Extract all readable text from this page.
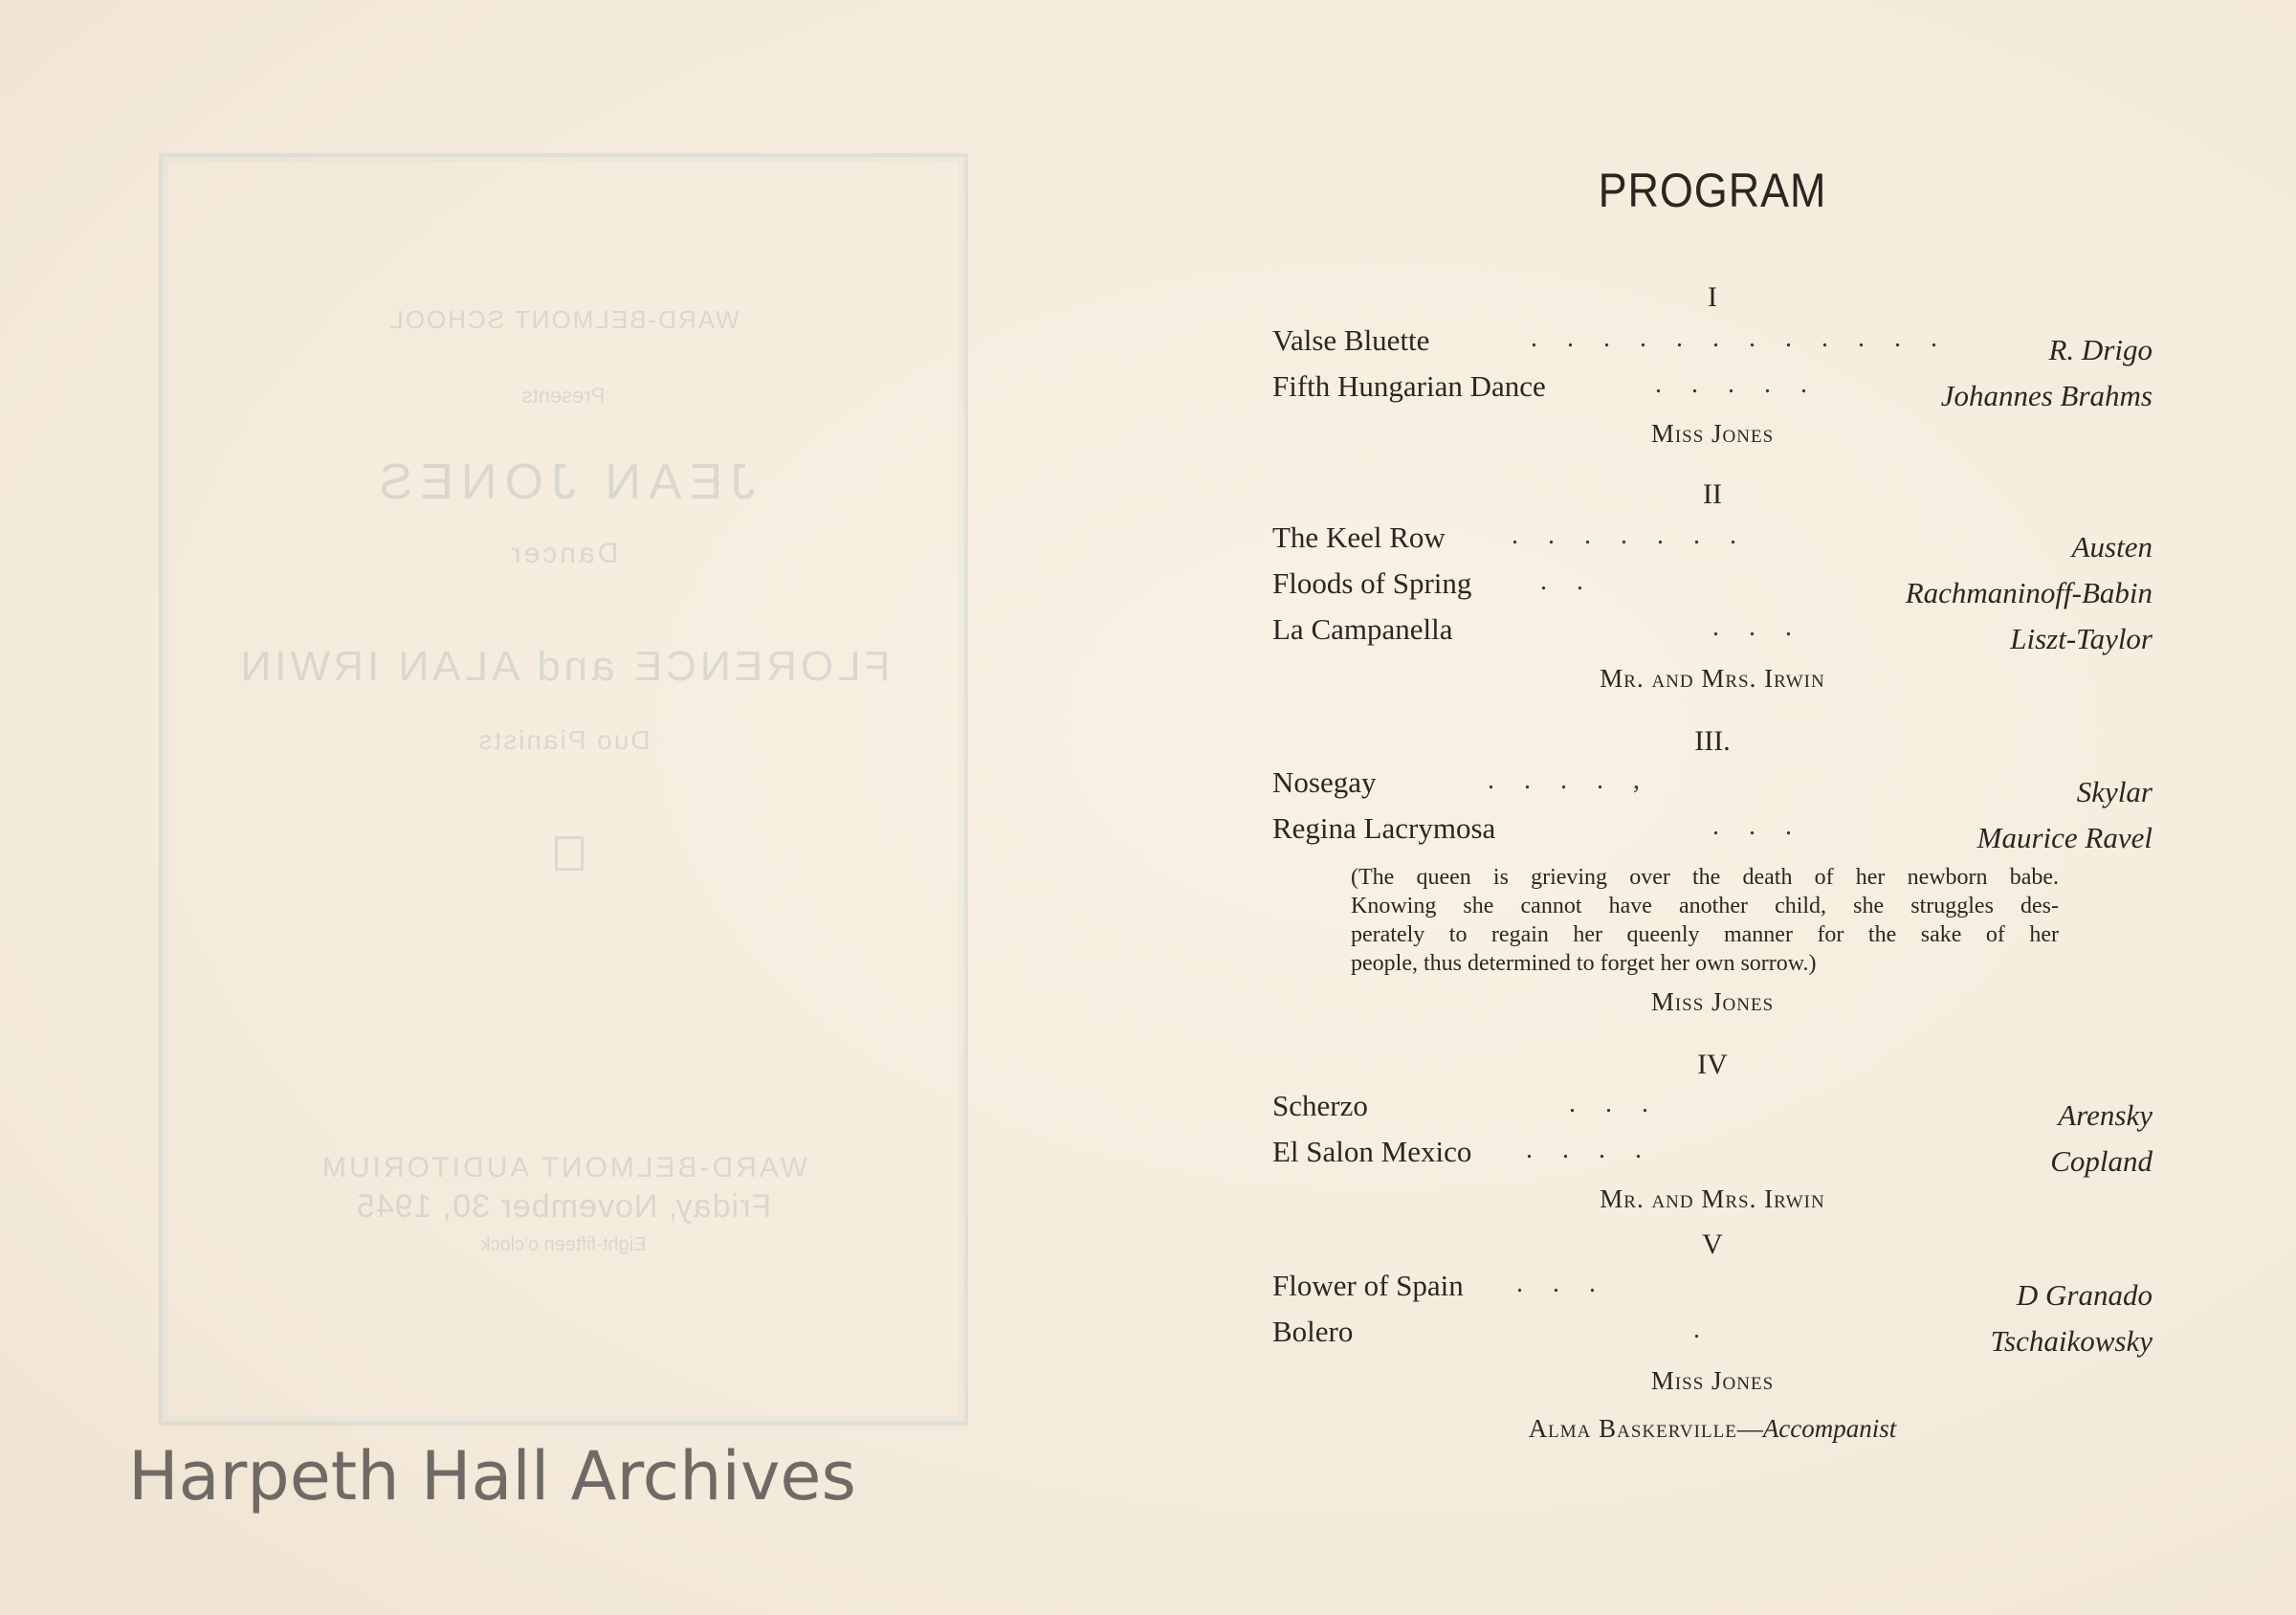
WARD-BELMONT SCHOOL
Presents
JEAN JONES
Dancer
FLORENCE and ALAN IRWIN
Duo Pianists
WARD-BELMONT AUDITORIUM
Friday, November 30, 1945
Eight-fifteen o'clock
Harpeth Hall Archives
PROGRAM
I
Valse Bluette	. . . . . . . . . . . .	R. Drigo
Fifth Hungarian Dance	. . . . .	Johannes Brahms
Miss Jones
II
The Keel Row . . . . . . .	Austen
Floods of Spring	. .	Rachmaninoff-Babin
La Campanella	. . .	Liszt-Taylor
Mr. and Mrs. Irwin
III.
Nosegay	. . . . ,	Skylar
Regina Lacrymosa	. . .	Maurice Ravel
(The queen is grieving over the death of her newborn babe.
Knowing she cannot have another child, she struggles des-
perately to regain her queenly manner for the sake of her
people, thus determined to forget her own sorrow.)
Miss Jones
IV
Scherzo	. . .	Arensky
El Salon Mexico . . . .	Copland
Mr. and Mrs. Irwin
V
Flower of Spain . . .	D Granado
Bolero	.	Tschaikowsky
Miss Jones
Alma Baskerville—Accompanist
